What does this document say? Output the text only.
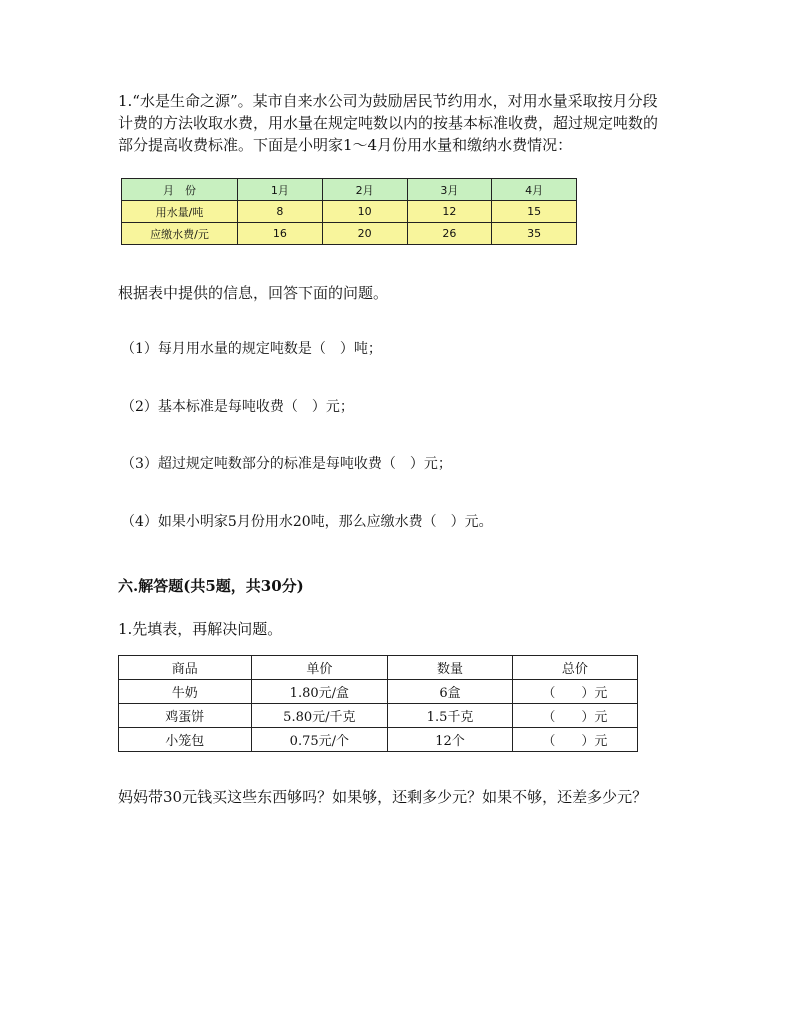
1.“水是生命之源”。某市自来水公司为鼓励居民节约用水，对用水量采取按月分段

计费的方法收取水费，用水量在规定吨数以内的按基本标准收费，超过规定吨数的

部分提高收费标准。下面是小明家1～4月份用水量和缴纳水费情况：

月　份	1月	2月	3月	4月
用水量/吨	8	10	12	15
应缴水费/元	16	20	26	35
根据表中提供的信息，回答下面的问题。
（1）每月用水量的规定吨数是（　）吨；
（2）基本标准是每吨收费（　）元；
（3）超过规定吨数部分的标准是每吨收费（　）元；
（4）如果小明家5月份用水20吨，那么应缴水费（　）元。
六.解答题(共5题，共30分)
1.先填表，再解决问题。
商品	单价	数量	总价
牛奶	1.80元/盒	6盒	（　　）元
鸡蛋饼	5.80元/千克	1.5千克	（　　）元
小笼包	0.75元/个	12个	（　　）元
妈妈带30元钱买这些东西够吗？如果够，还剩多少元？如果不够，还差多少元？
